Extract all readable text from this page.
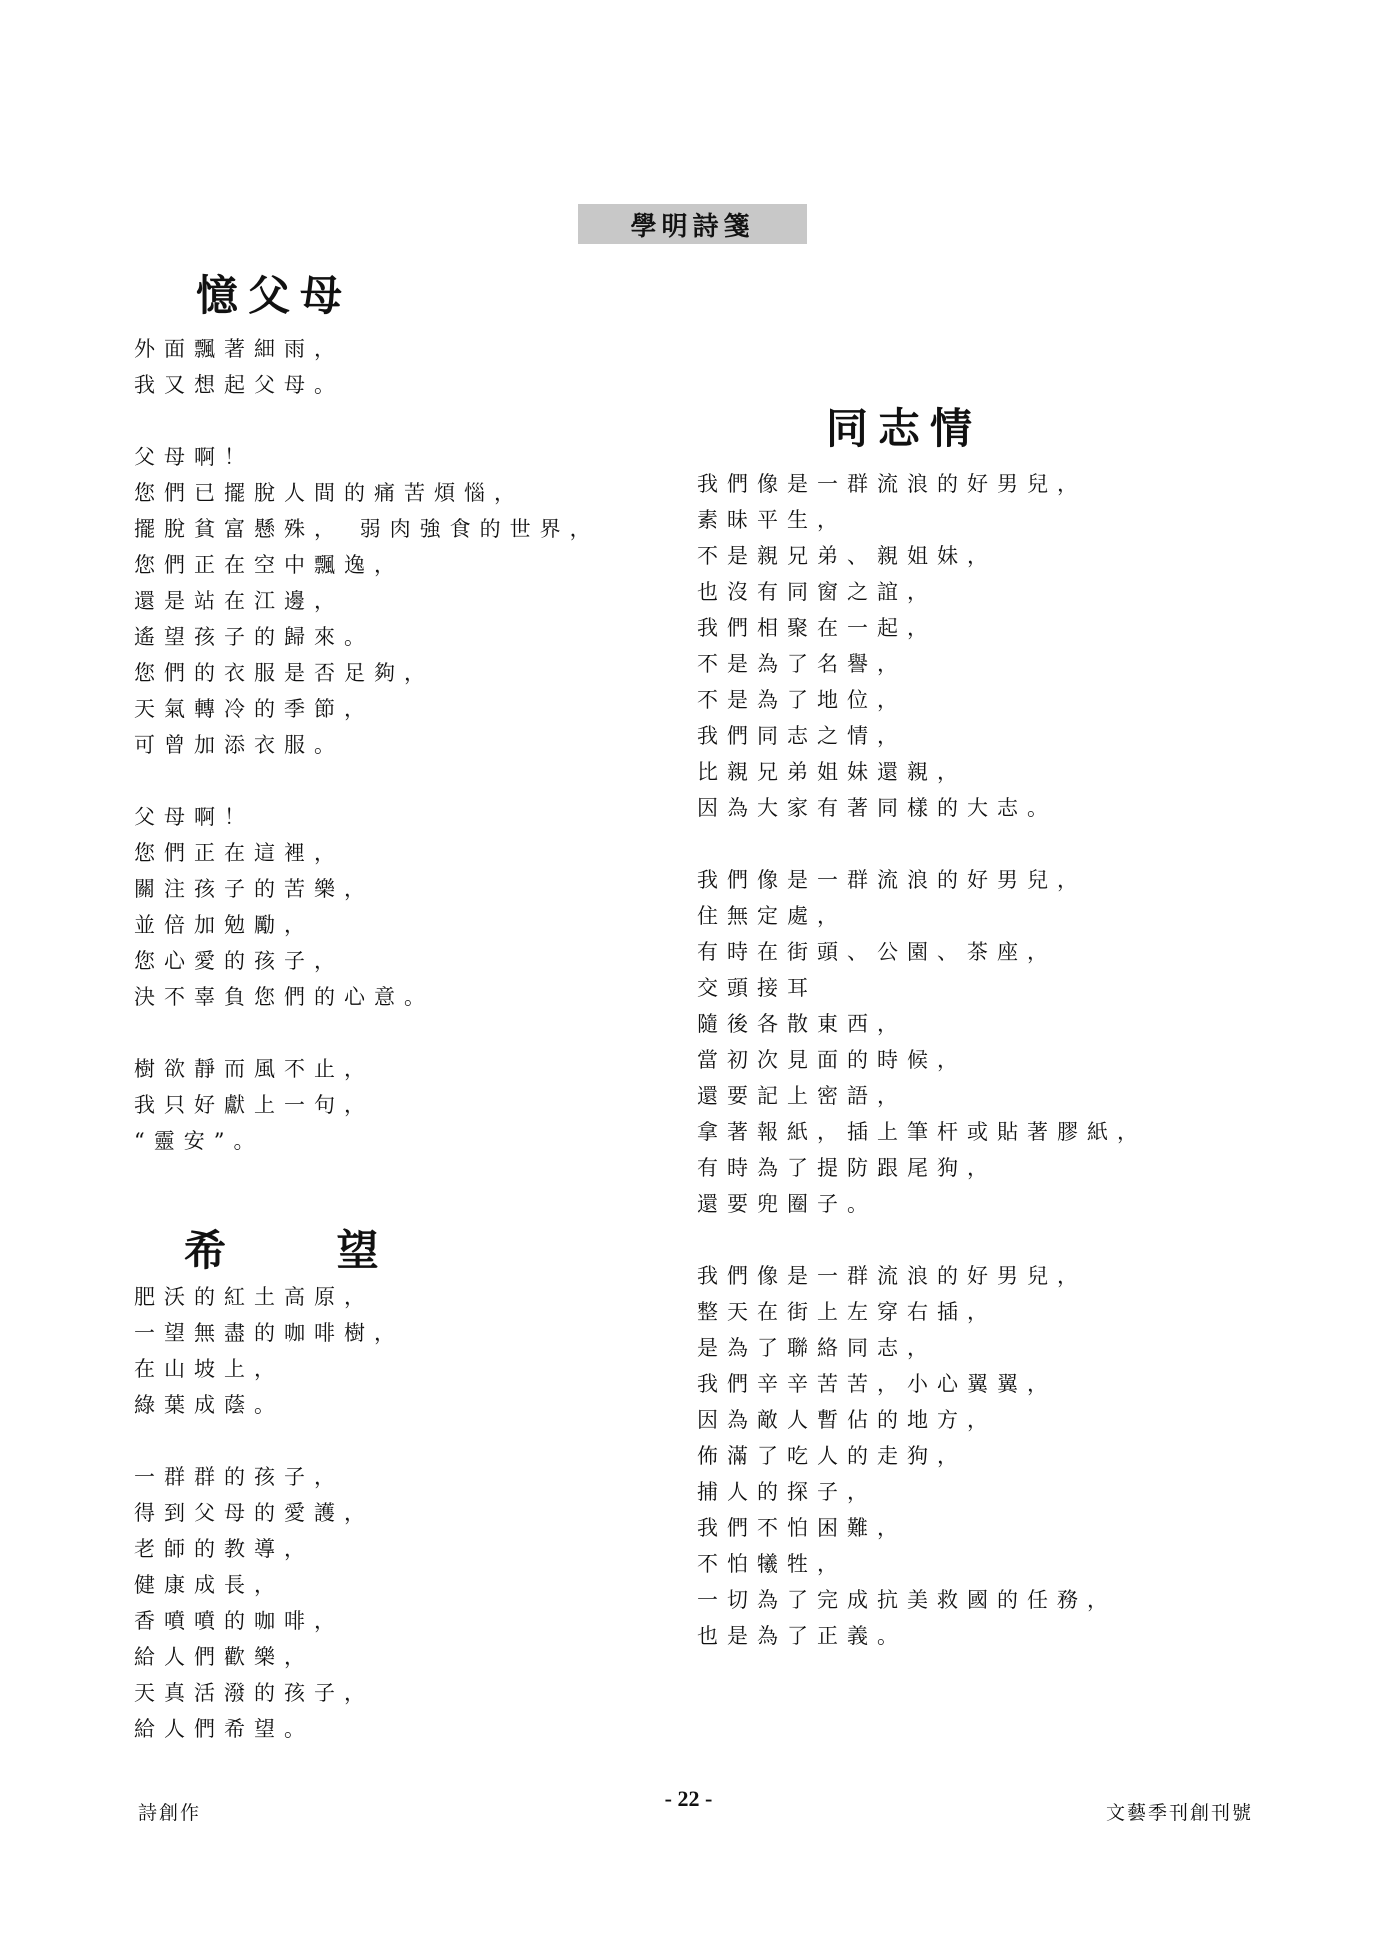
學明詩箋
憶父母
外面飄著細雨，
我又想起父母。
父母啊！
您們已擺脫人間的痛苦煩惱，
擺脫貧富懸殊， 弱肉強食的世界，
您們正在空中飄逸，
還是站在江邊，
遙望孩子的歸來。
您們的衣服是否足夠，
天氣轉冷的季節，
可曾加添衣服。
父母啊！
您們正在這裡，
關注孩子的苦樂，
並倍加勉勵，
您心愛的孩子，
決不辜負您們的心意。
樹欲靜而風不止，
我只好獻上一句，
“靈安”。
希 望
肥沃的紅土高原，
一望無盡的咖啡樹，
在山坡上，
綠葉成蔭。
一群群的孩子，
得到父母的愛護，
老師的教導，
健康成長，
香噴噴的咖啡，
給人們歡樂，
天真活潑的孩子，
給人們希望。
同志情
我們像是一群流浪的好男兒，
素昧平生，
不是親兄弟、親姐妹，
也沒有同窗之誼，
我們相聚在一起，
不是為了名譽，
不是為了地位，
我們同志之情，
比親兄弟姐妹還親，
因為大家有著同樣的大志。
我們像是一群流浪的好男兒，
住無定處，
有時在街頭、公園、茶座，
交頭接耳
隨後各散東西，
當初次見面的時候，
還要記上密語，
拿著報紙，插上筆杆或貼著膠紙，
有時為了提防跟尾狗，
還要兜圈子。
我們像是一群流浪的好男兒，
整天在街上左穿右插，
是為了聯絡同志，
我們辛辛苦苦，小心翼翼，
因為敵人暫佔的地方，
佈滿了吃人的走狗，
捕人的探子，
我們不怕困難，
不怕犧牲，
一切為了完成抗美救國的任務，
也是為了正義。
詩創作
- 22 -
文藝季刊創刊號
